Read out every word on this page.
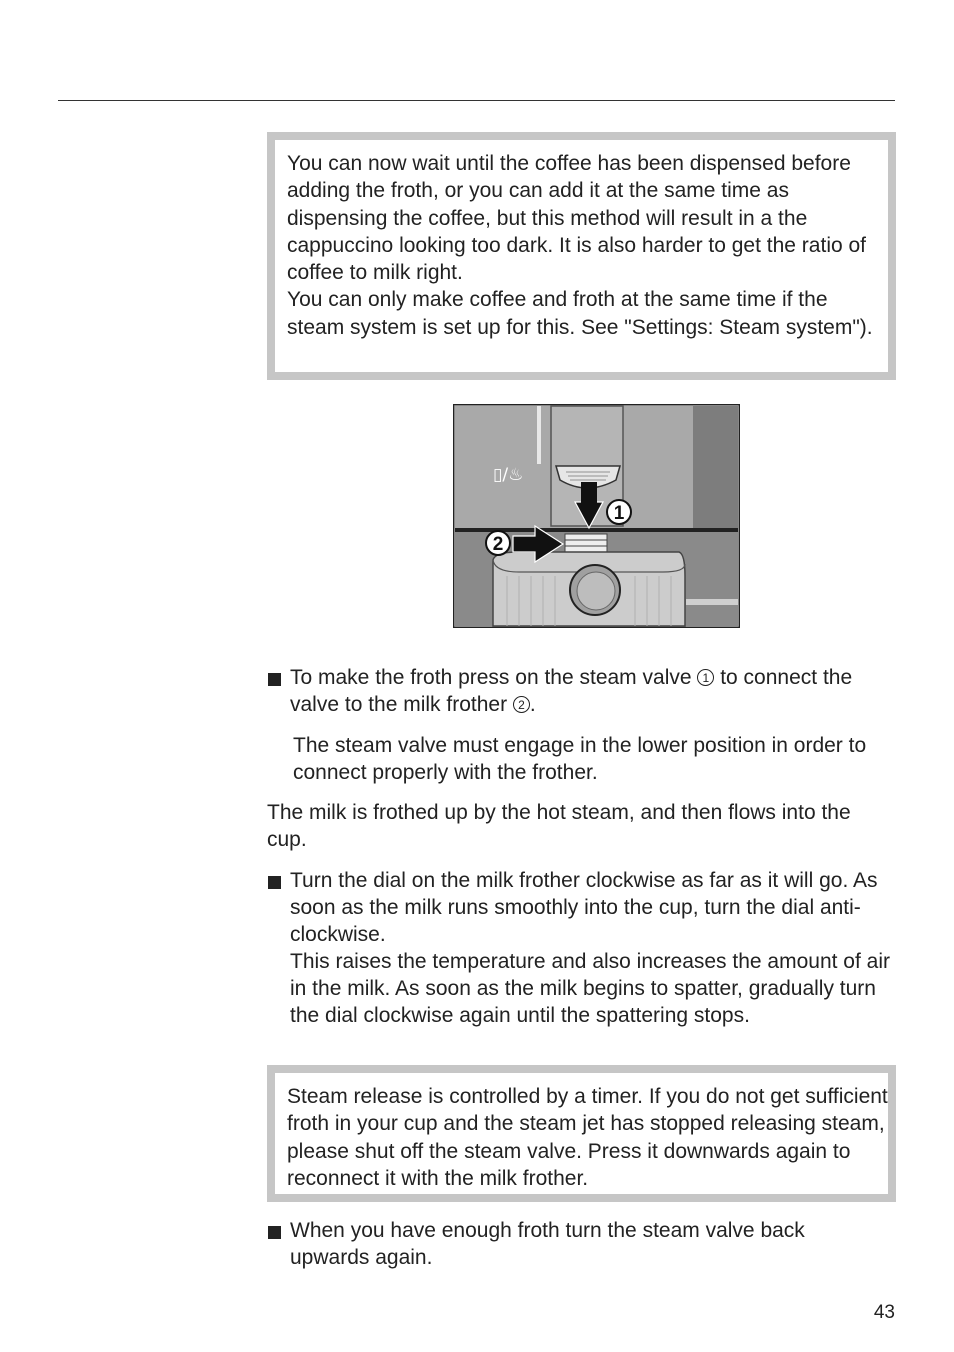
You can now wait until the coffee has been dispensed before adding the froth, or you can add it at the same time as dispensing the coffee, but this method will result in a the cappuccino looking too dark. It is also harder to get the ratio of coffee to milk right.

You can only make coffee and froth at the same time if the steam system is set up for this. See "Settings: Steam system").

1
2
▯/♨

To make the froth press on the steam valve 1 to connect the valve to the milk frother 2 .

The steam valve must engage in the lower position in order to connect properly with the frother.

The milk is frothed up by the hot steam, and then flows into the cup.

Turn the dial on the milk frother clockwise as far as it will go. As soon as the milk runs smoothly into the cup, turn the dial anti-clockwise.

This raises the temperature and also increases the amount of air in the milk. As soon as the milk begins to spatter, gradually turn the dial clockwise again until the spattering stops.

Steam release is controlled by a timer. If you do not get sufficient froth in your cup and the steam jet has stopped releasing steam, please shut off the steam valve. Press it downwards again to reconnect it with the milk frother.

When you have enough froth turn the steam valve back upwards again.

43
